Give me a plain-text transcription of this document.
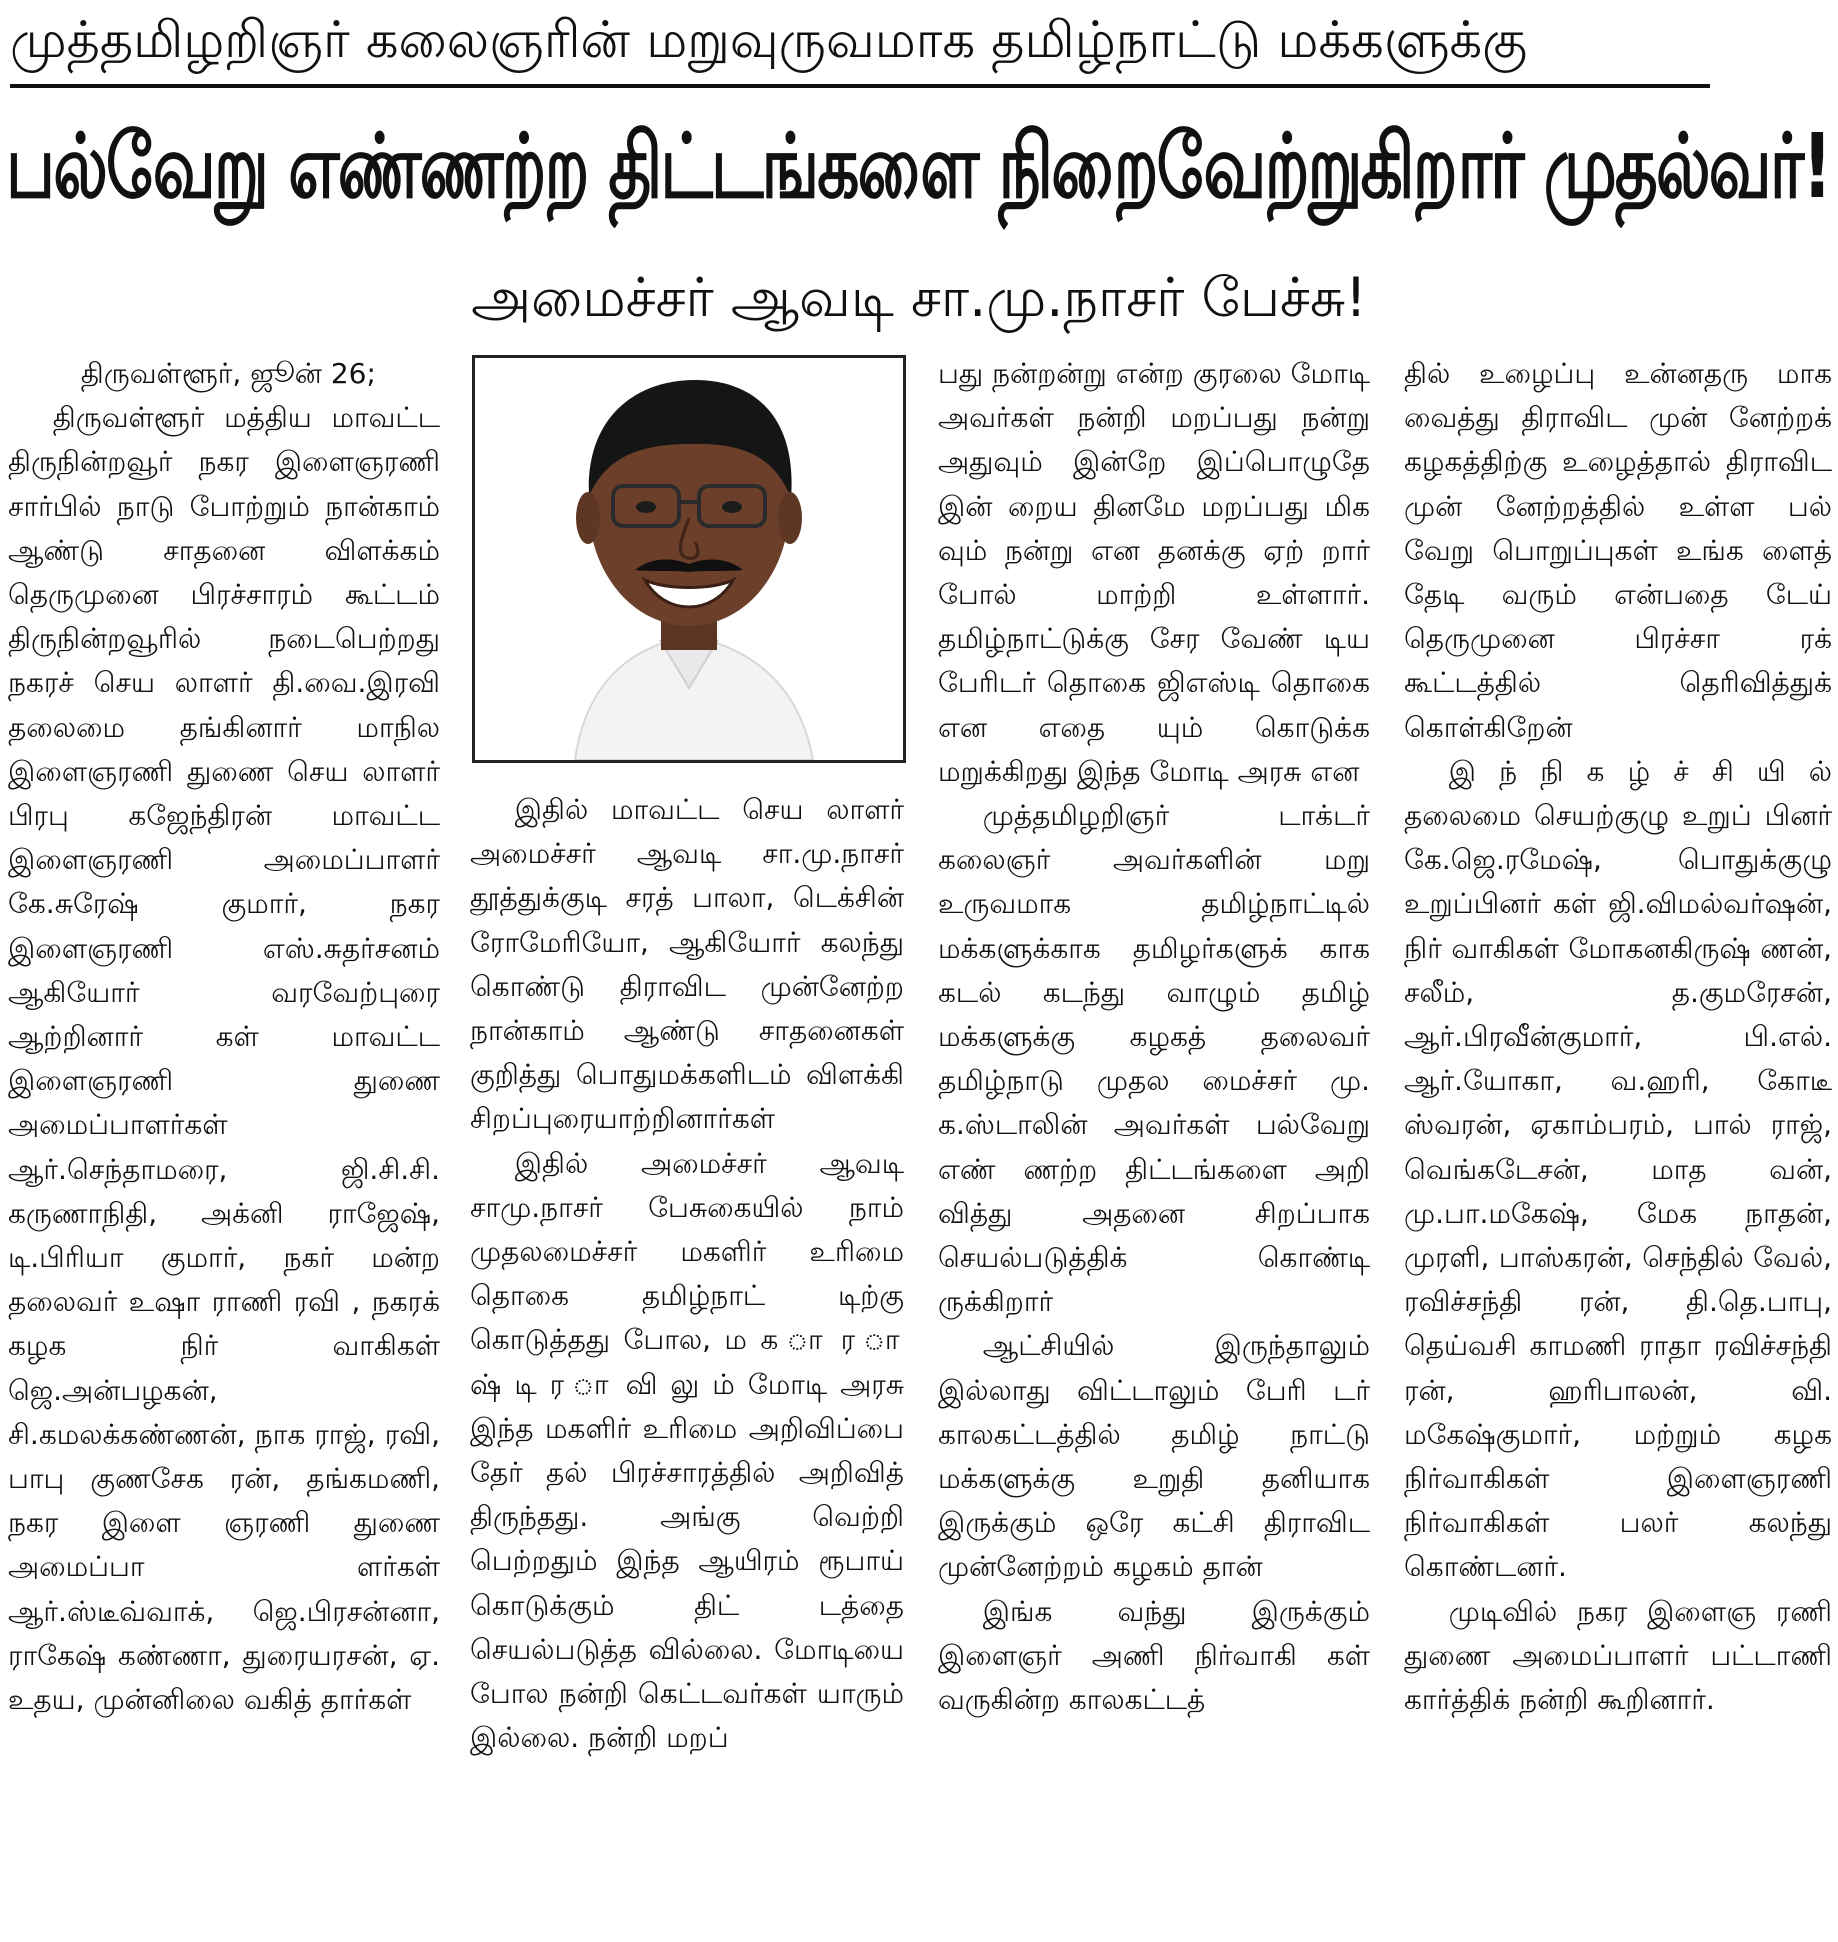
முத்தமிழறிஞர் கலைஞரின் மறுவுருவமாக தமிழ்நாட்டு மக்களுக்கு
பல்வேறு எண்ணற்ற திட்டங்களை நிறைவேற்றுகிறார் முதல்வர்!
அமைச்சர் ஆவடி சா.மு.நாசர் பேச்சு!

திருவள்ளூர், ஜூன் 26;

திருவள்ளூர் மத்திய மாவட்ட திருநின்றவூர் நகர இளைஞரணி சார்பில் நாடு போற்றும் நான்காம் ஆண்டு சாதனை விளக்கம் தெருமுனை பிரச்சாரம் கூட்டம் திருநின்றவூரில் நடைபெற்றது நகரச் செய லாளர் தி.வை.இரவி தலைமை தங்கினார் மாநில இளைஞரணி துணை செய லாளர் பிரபு கஜேந்திரன் மாவட்ட இளைஞரணி அமைப்பாளர் கே.சுரேஷ் குமார், நகர இளைஞரணி எஸ்.சுதர்சனம் ஆகியோர் வரவேற்புரை ஆற்றினார் கள் மாவட்ட இளைஞரணி துணை அமைப்பாளர்கள் ஆர்.செந்தாமரை, ஜி.சி.சி. கருணாநிதி, அக்னி ராஜேஷ், டி.பிரியா குமார், நகர் மன்ற தலைவர் உஷா ராணி ரவி , நகரக் கழக நிர் வாகிகள் ஜெ.அன்பழகன், சி.கமலக்கண்ணன், நாக ராஜ், ரவி, பாபு குணசேக ரன், தங்கமணி, நகர இளை ஞரணி துணை அமைப்பா ளர்கள் ஆர்.ஸ்டீவ்வாக், ஜெ.பிரசன்னா, ராகேஷ் கண்ணா, துரையரசன், ஏ. உதய, முன்னிலை வகித் தார்கள்

இதில் மாவட்ட செய லாளர் அமைச்சர் ஆவடி சா.மு.நாசர் தூத்துக்குடி சரத் பாலா, டெக்சின் ரோமேரியோ, ஆகியோர் கலந்து கொண்டு திராவிட முன்னேற்ற நான்காம் ஆண்டு சாதனைகள் குறித்து பொதுமக்களிடம் விளக்கி சிறப்புரையாற்றினார்கள்

இதில் அமைச்சர் ஆவடி சாமு.நாசர் பேசுகையில் நாம் முதலமைச்சர் மகளிர் உரிமை தொகை தமிழ்நாட் டிற்கு கொடுத்தது போல, ம க ா ர ா ஷ் டி ர ா வி லு ம் மோடி அரசு இந்த மகளிர் உரிமை அறிவிப்பை தேர் தல் பிரச்சாரத்தில் அறிவித் திருந்தது. அங்கு வெற்றி பெற்றதும் இந்த ஆயிரம் ரூபாய் கொடுக்கும் திட் டத்தை செயல்படுத்த வில்லை. மோடியை போல நன்றி கெட்டவர்கள் யாரும் இல்லை. நன்றி மறப்

பது நன்றன்று என்ற குரலை மோடி அவர்கள் நன்றி மறப்பது நன்று அதுவும் இன்றே இப்பொழுதே இன் றைய தினமே மறப்பது மிக வும் நன்று என தனக்கு ஏற் றார் போல் மாற்றி உள்ளார். தமிழ்நாட்டுக்கு சேர வேண் டிய பேரிடர் தொகை ஜிஎஸ்டி தொகை என எதை யும் கொடுக்க மறுக்கிறது இந்த மோடி அரசு என

முத்தமிழறிஞர் டாக்டர் கலைஞர் அவர்களின் மறு உருவமாக தமிழ்நாட்டில் மக்களுக்காக தமிழர்களுக் காக கடல் கடந்து வாழும் தமிழ் மக்களுக்கு கழகத் தலைவர் தமிழ்நாடு முதல மைச்சர் மு. க.ஸ்டாலின் அவர்கள் பல்வேறு எண் ணற்ற திட்டங்களை அறி வித்து அதனை சிறப்பாக செயல்படுத்திக் கொண்டி ருக்கிறார்

ஆட்சியில் இருந்தாலும் இல்லாது விட்டாலும் பேரி டர் காலகட்டத்தில் தமிழ் நாட்டு மக்களுக்கு உறுதி தனியாக இருக்கும் ஒரே கட்சி திராவிட முன்னேற்றம் கழகம் தான்

இங்க வந்து இருக்கும் இளைஞர் அணி நிர்வாகி கள் வருகின்ற காலகட்டத்

தில் உழைப்பு உன்னதரு மாக வைத்து திராவிட முன் னேற்றக் கழகத்திற்கு உழைத்தால் திராவிட முன் னேற்றத்தில் உள்ள பல் வேறு பொறுப்புகள் உங்க ளைத் தேடி வரும் என்பதை டேய் தெருமுனை பிரச்சா ரக் கூட்டத்தில் தெரிவித்துக் கொள்கிறேன்

இ ந் நி க ழ் ச் சி யி ல் தலைமை செயற்குழு உறுப் பினர் கே.ஜெ.ரமேஷ், பொதுக்குழு உறுப்பினர் கள் ஜி.விமல்வர்ஷன், நிர் வாகிகள் மோகனகிருஷ் ணன், சலீம், த.குமரேசன், ஆர்.பிரவீன்குமார், பி.எல். ஆர்.யோகா, வ.ஹரி, கோடீ ஸ்வரன், ஏகாம்பரம், பால் ராஜ், வெங்கடேசன், மாத வன், மு.பா.மகேஷ், மேக நாதன், முரளி, பாஸ்கரன், செந்தில் வேல், ரவிச்சந்தி ரன், தி.தெ.பாபு, தெய்வசி காமணி ராதா ரவிச்சந்தி ரன், ஹரிபாலன், வி. மகேஷ்குமார், மற்றும் கழக நிர்வாகிகள் இளைஞரணி நிர்வாகிகள் பலர் கலந்து கொண்டனர்.

முடிவில் நகர இளைஞ ரணி துணை அமைப்பாளர் பட்டாணி கார்த்திக் நன்றி கூறினார்.
